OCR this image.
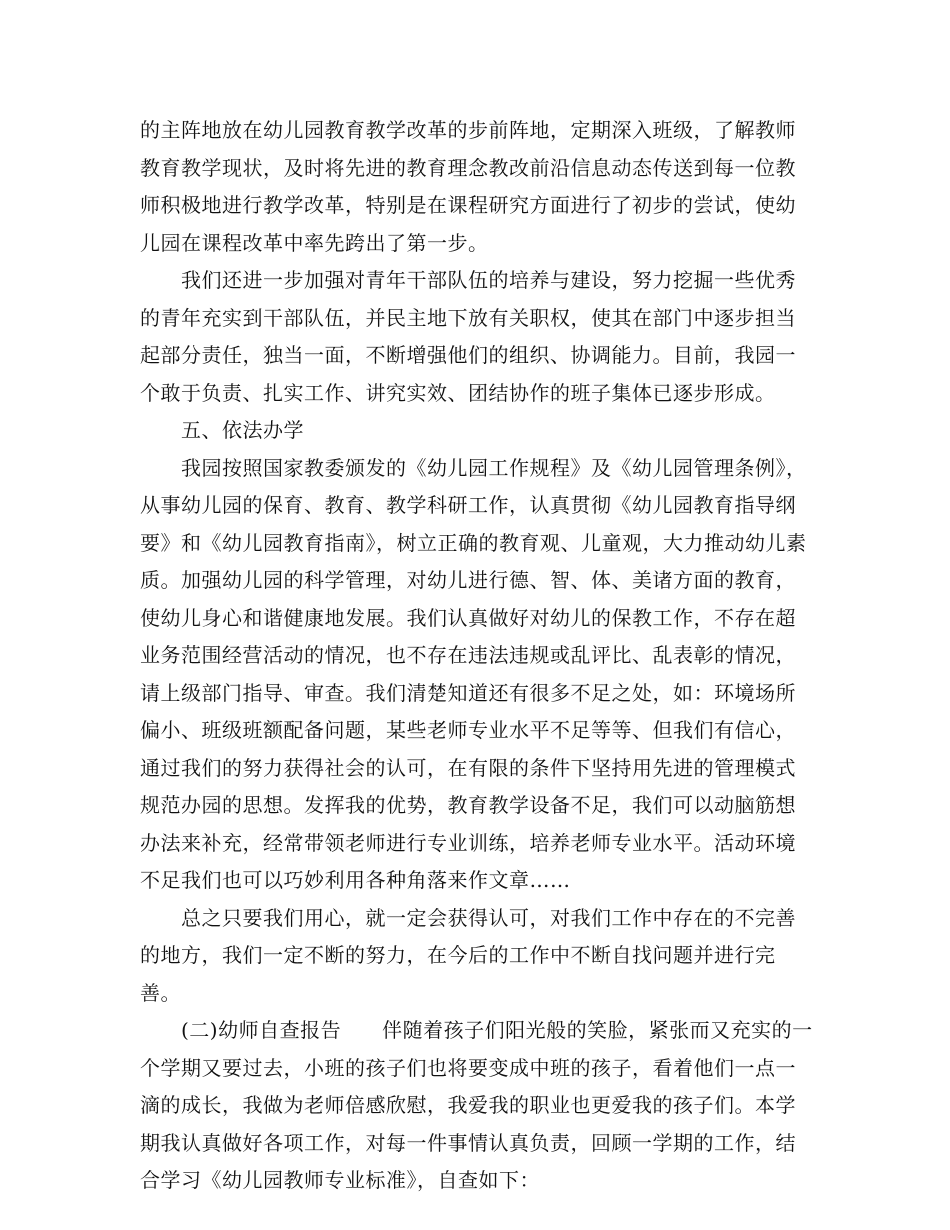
的主阵地放在幼儿园教育教学改革的步前阵地，定期深入班级，了解教师教育教学现状，及时将先进的教育理念教改前沿信息动态传送到每一位教师积极地进行教学改革，特别是在课程研究方面进行了初步的尝试，使幼儿园在课程改革中率先跨出了第一步。

　　我们还进一步加强对青年干部队伍的培养与建设，努力挖掘一些优秀的青年充实到干部队伍，并民主地下放有关职权，使其在部门中逐步担当起部分责任，独当一面，不断增强他们的组织、协调能力。目前，我园一个敢于负责、扎实工作、讲究实效、团结协作的班子集体已逐步形成。

　　五、依法办学

　　我园按照国家教委颁发的《幼儿园工作规程》及《幼儿园管理条例》，从事幼儿园的保育、教育、教学科研工作，认真贯彻《幼儿园教育指导纲要》和《幼儿园教育指南》，树立正确的教育观、儿童观，大力推动幼儿素质。加强幼儿园的科学管理，对幼儿进行德、智、体、美诸方面的教育，使幼儿身心和谐健康地发展。我们认真做好对幼儿的保教工作，不存在超业务范围经营活动的情况，也不存在违法违规或乱评比、乱表彰的情况，请上级部门指导、审查。我们清楚知道还有很多不足之处，如：环境场所偏小、班级班额配备问题，某些老师专业水平不足等等、但我们有信心，通过我们的努力获得社会的认可，在有限的条件下坚持用先进的管理模式规范办园的思想。发挥我的优势，教育教学设备不足，我们可以动脑筋想办法来补充，经常带领老师进行专业训练，培养老师专业水平。活动环境不足我们也可以巧妙利用各种角落来作文章……

　　总之只要我们用心，就一定会获得认可，对我们工作中存在的不完善的地方，我们一定不断的努力，在今后的工作中不断自找问题并进行完善。

　　(二)幼师自查报告　　伴随着孩子们阳光般的笑脸，紧张而又充实的一个学期又要过去，小班的孩子们也将要变成中班的孩子，看着他们一点一滴的成长，我做为老师倍感欣慰，我爱我的职业也更爱我的孩子们。本学期我认真做好各项工作，对每一件事情认真负责，回顾一学期的工作，结合学习《幼儿园教师专业标准》，自查如下：
